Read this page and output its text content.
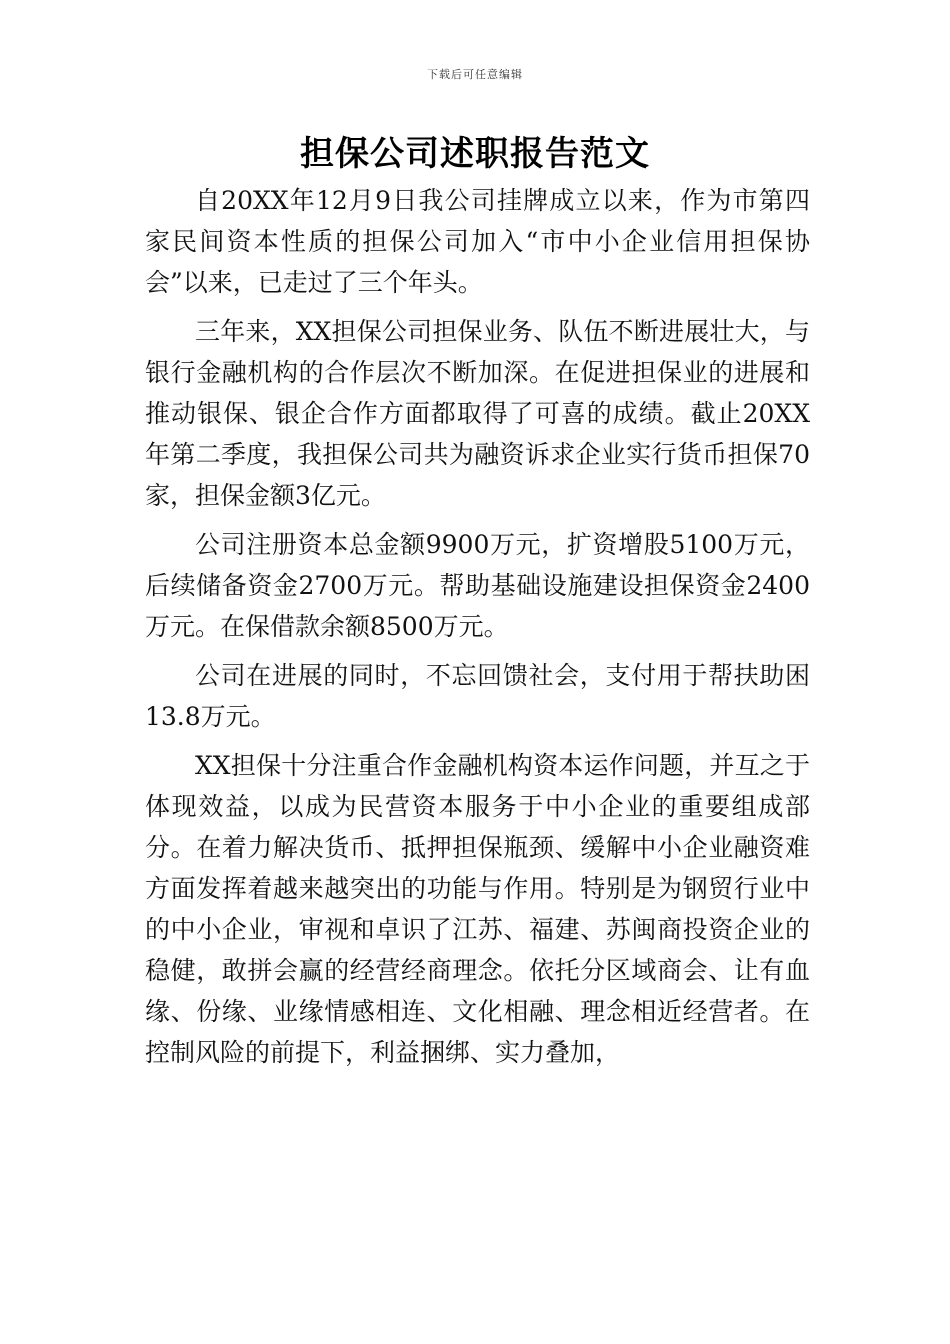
下载后可任意编辑
担保公司述职报告范文

自20XX年12月9日我公司挂牌成立以来，作为市第四家民间资本性质的担保公司加入“市中小企业信用担保协会”以来，已走过了三个年头。

三年来，XX担保公司担保业务、队伍不断进展壮大，与银行金融机构的合作层次不断加深。在促进担保业的进展和推动银保、银企合作方面都取得了可喜的成绩。截止20XX年第二季度，我担保公司共为融资诉求企业实行货币担保70家，担保金额3亿元。

公司注册资本总金额9900万元，扩资增股5100万元，后续储备资金2700万元。帮助基础设施建设担保资金2400万元。在保借款余额8500万元。

公司在进展的同时，不忘回馈社会，支付用于帮扶助困13.8万元。

XX担保十分注重合作金融机构资本运作问题，并互之于体现效益，以成为民营资本服务于中小企业的重要组成部分。在着力解决货币、抵押担保瓶颈、缓解中小企业融资难方面发挥着越来越突出的功能与作用。特别是为钢贸行业中的中小企业，审视和卓识了江苏、福建、苏闽商投资企业的稳健，敢拼会赢的经营经商理念。依托分区域商会、让有血缘、份缘、业缘情感相连、文化相融、理念相近经营者。在控制风险的前提下，利益捆绑、实力叠加，
